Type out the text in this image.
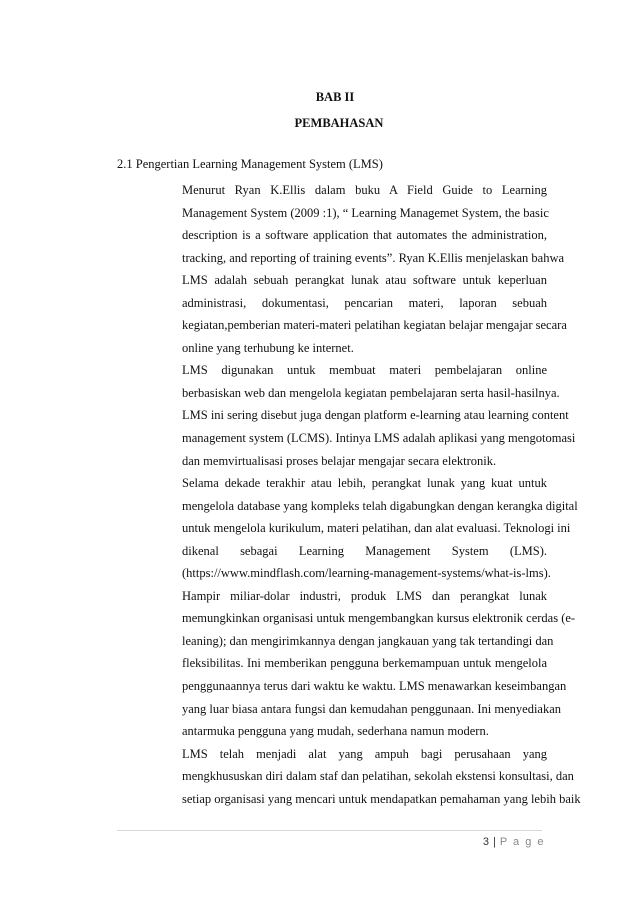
BAB II
PEMBAHASAN
2.1 Pengertian Learning Management System (LMS)

Menurut Ryan K.Ellis dalam buku A Field Guide to Learning
Management System (2009 :1), “ Learning Managemet System, the basic
description is a software application that automates the administration,
tracking, and reporting of training events”. Ryan K.Ellis menjelaskan bahwa
LMS adalah sebuah perangkat lunak atau software untuk keperluan
administrasi, dokumentasi, pencarian materi, laporan sebuah
kegiatan,pemberian materi-materi pelatihan kegiatan belajar mengajar secara
online yang terhubung ke internet.

LMS digunakan untuk membuat materi pembelajaran online
berbasiskan web dan mengelola kegiatan pembelajaran serta hasil-hasilnya.
LMS ini sering disebut juga dengan platform e-learning atau learning content
management system (LCMS). Intinya LMS adalah aplikasi yang mengotomasi
dan memvirtualisasi proses belajar mengajar secara elektronik.

Selama dekade terakhir atau lebih, perangkat lunak yang kuat untuk
mengelola database yang kompleks telah digabungkan dengan kerangka digital
untuk mengelola kurikulum, materi pelatihan, dan alat evaluasi. Teknologi ini
dikenal sebagai Learning Management System (LMS).
(https://www.mindflash.com/learning-management-systems/what-is-lms).

Hampir miliar-dolar industri, produk LMS dan perangkat lunak
memungkinkan organisasi untuk mengembangkan kursus elektronik cerdas (e-
leaning); dan mengirimkannya dengan jangkauan yang tak tertandingi dan
fleksibilitas. Ini memberikan pengguna berkemampuan untuk mengelola
penggunaannya terus dari waktu ke waktu. LMS menawarkan keseimbangan
yang luar biasa antara fungsi dan kemudahan penggunaan. Ini menyediakan
antarmuka pengguna yang mudah, sederhana namun modern.

LMS telah menjadi alat yang ampuh bagi perusahaan yang
mengkhususkan diri dalam staf dan pelatihan, sekolah ekstensi konsultasi, dan
setiap organisasi yang mencari untuk mendapatkan pemahaman yang lebih baik

3 | P a g e
